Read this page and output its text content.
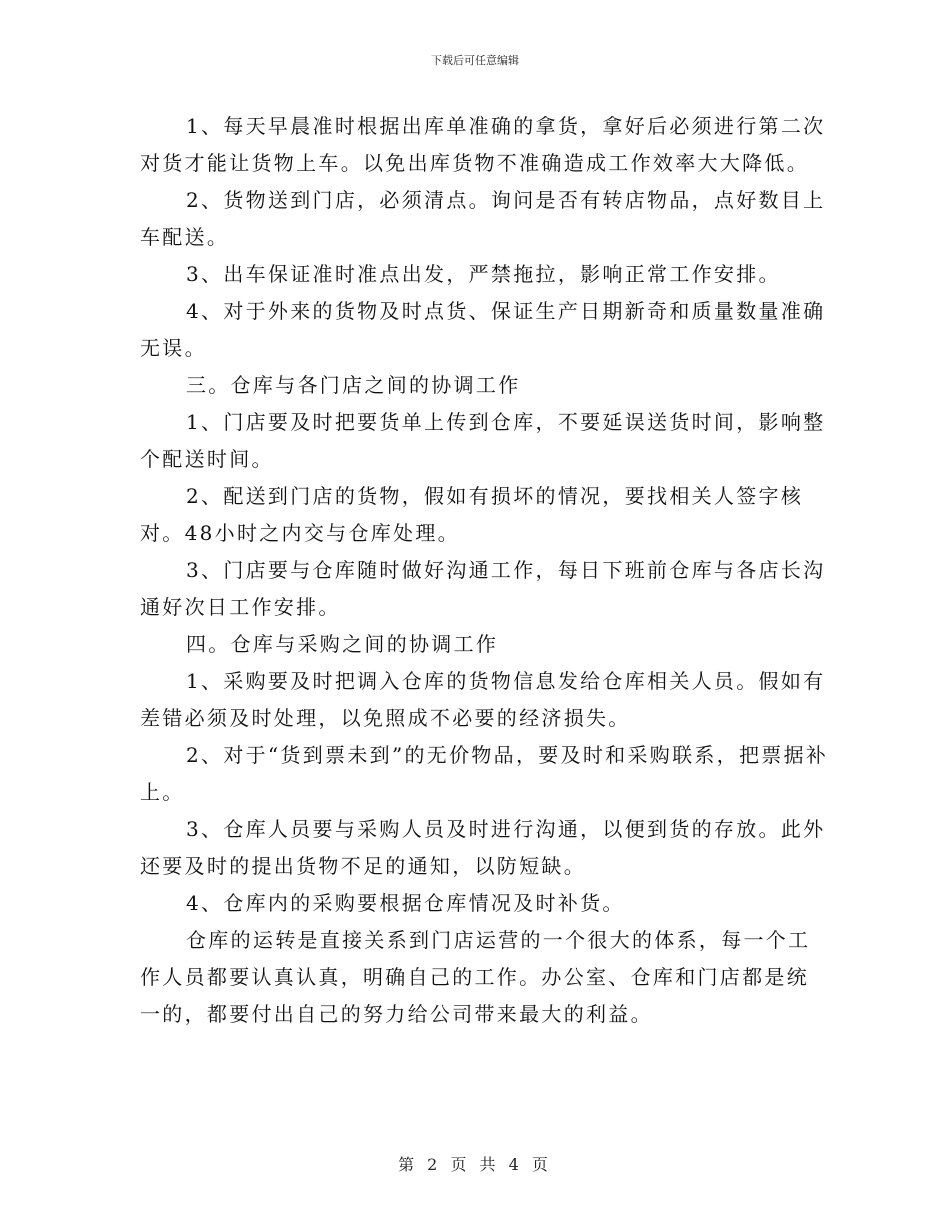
下载后可任意编辑

1、每天早晨准时根据出库单准确的拿货，拿好后必须进行第二次对货才能让货物上车。以免出库货物不准确造成工作效率大大降低。

2、货物送到门店，必须清点。询问是否有转店物品，点好数目上车配送。

3、出车保证准时准点出发，严禁拖拉，影响正常工作安排。

4、对于外来的货物及时点货、保证生产日期新奇和质量数量准确无误。

三。仓库与各门店之间的协调工作

1、门店要及时把要货单上传到仓库，不要延误送货时间，影响整个配送时间。

2、配送到门店的货物，假如有损坏的情况，要找相关人签字核对。48小时之内交与仓库处理。

3、门店要与仓库随时做好沟通工作，每日下班前仓库与各店长沟通好次日工作安排。

四。仓库与采购之间的协调工作

1、采购要及时把调入仓库的货物信息发给仓库相关人员。假如有差错必须及时处理，以免照成不必要的经济损失。

2、对于“货到票未到”的无价物品，要及时和采购联系，把票据补上。

3、仓库人员要与采购人员及时进行沟通，以便到货的存放。此外还要及时的提出货物不足的通知，以防短缺。

4、仓库内的采购要根据仓库情况及时补货。

仓库的运转是直接关系到门店运营的一个很大的体系，每一个工作人员都要认真认真，明确自己的工作。办公室、仓库和门店都是统一的，都要付出自己的努力给公司带来最大的利益。

第 2 页 共 4 页
